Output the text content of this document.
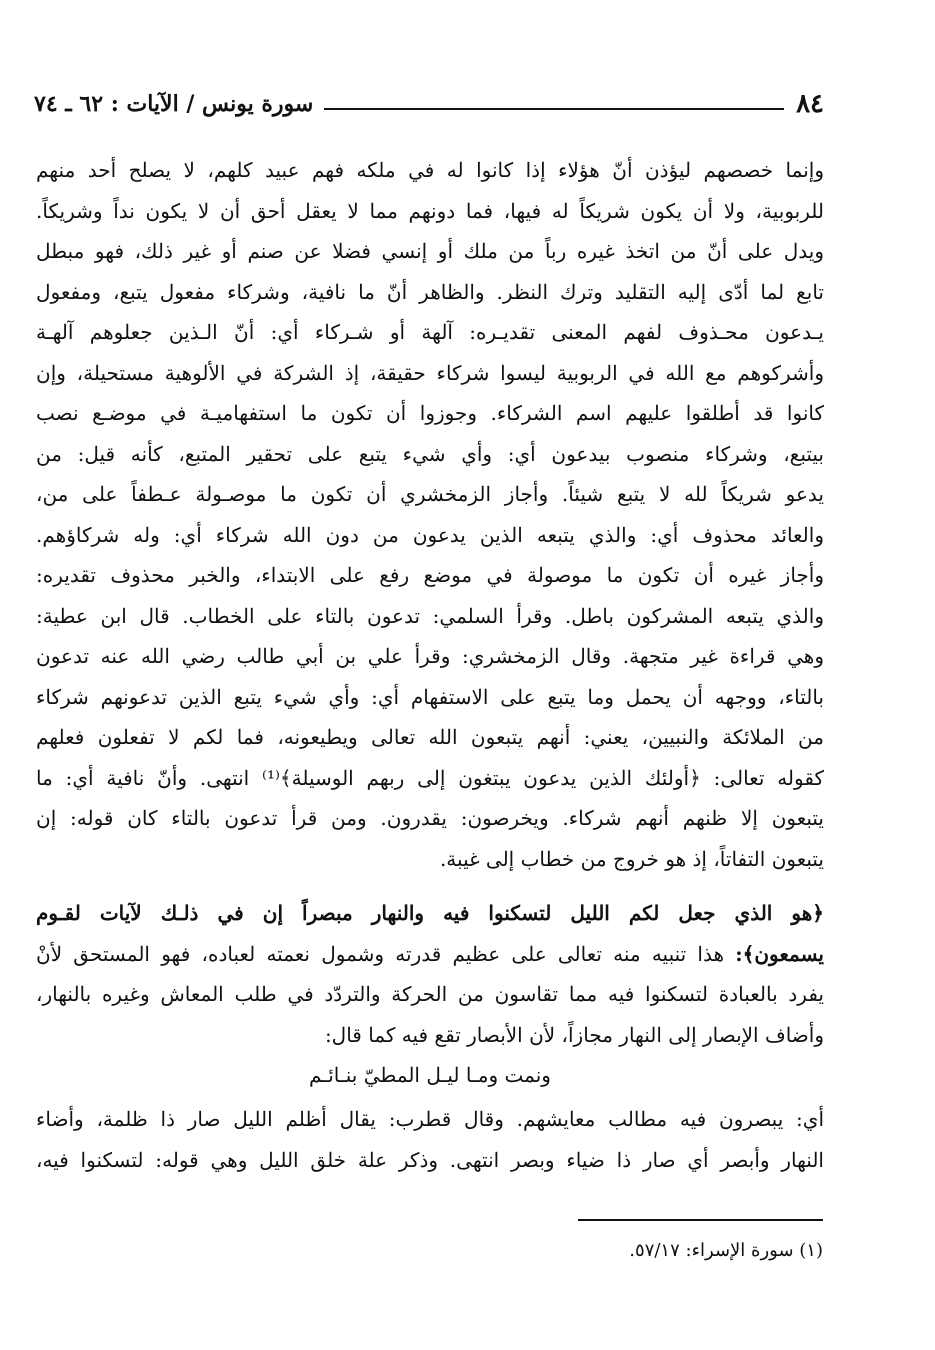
٨٤
سورة يونس / الآيات : ٦٢ ـ ٧٤
وإنما خصصهم ليؤذن أنّ هؤلاء إذا كانوا له في ملكه فهم عبيد كلهم، لا يصلح أحد منهم
للربوبية، ولا أن يكون شريكاً له فيها، فما دونهم مما لا يعقل أحق أن لا يكون نداً وشريكاً.
ويدل على أنّ من اتخذ غيره رباً من ملك أو إنسي فضلا عن صنم أو غير ذلك، فهو مبطل
تابع لما أدّى إليه التقليد وترك النظر. والظاهر أنّ ما نافية، وشركاء مفعول يتبع، ومفعول
يـدعون محـذوف لفهم المعنى تقديـره: آلهة أو شـركاء أي: أنّ الـذين جعلوهم آلهـة
وأشركوهم مع الله في الربوبية ليسوا شركاء حقيقة، إذ الشركة في الألوهية مستحيلة، وإن
كانوا قد أطلقوا عليهم اسم الشركاء. وجوزوا أن تكون ما استفهاميـة في موضـع نصب
بيتبع، وشركاء منصوب بيدعون أي: وأي شيء يتبع على تحقير المتبع، كأنه قيل: من
يدعو شريكاً لله لا يتبع شيئاً. وأجاز الزمخشري أن تكون ما موصـولة عـطفاً على من،
والعائد محذوف أي: والذي يتبعه الذين يدعون من دون الله شركاء أي: وله شركاؤهم.
وأجاز غيره أن تكون ما موصولة في موضع رفع على الابتداء، والخبر محذوف تقديره:
والذي يتبعه المشركون باطل. وقرأ السلمي: تدعون بالتاء على الخطاب. قال ابن عطية:
وهي قراءة غير متجهة. وقال الزمخشري: وقرأ علي بن أبي طالب رضي الله عنه تدعون
بالتاء، ووجهه أن يحمل وما يتبع على الاستفهام أي: وأي شيء يتبع الذين تدعونهم شركاء
من الملائكة والنبيين، يعني: أنهم يتبعون الله تعالى ويطيعونه، فما لكم لا تفعلون فعلهم
كقوله تعالى: ﴿أولئك الذين يدعون يبتغون إلى ربهم الوسيلة﴾⁽¹⁾ انتهى. وأنّ نافية أي: ما
يتبعون إلا ظنهم أنهم شركاء. ويخرصون: يقدرون. ومن قرأ تدعون بالتاء كان قوله: إن
يتبعون التفاتاً، إذ هو خروج من خطاب إلى غيبة.
﴿هو الذي جعل لكم الليل لتسكنوا فيه والنهار مبصراً إن في ذلـك لآيات لقـوم
يسمعون﴾: هذا تنبيه منه تعالى على عظيم قدرته وشمول نعمته لعباده، فهو المستحق لأنْ
يفرد بالعبادة لتسكنوا فيه مما تقاسون من الحركة والتردّد في طلب المعاش وغيره بالنهار،
وأضاف الإبصار إلى النهار مجازاً، لأن الأبصار تقع فيه كما قال:
ونمت ومـا ليـل المطيّ بنـائـم
أي: يبصرون فيه مطالب معايشهم. وقال قطرب: يقال أظلم الليل صار ذا ظلمة، وأضاء
النهار وأبصر أي صار ذا ضياء وبصر انتهى. وذكر علة خلق الليل وهي قوله: لتسكنوا فيه،
(١) سورة الإسراء: ٥٧/١٧.
